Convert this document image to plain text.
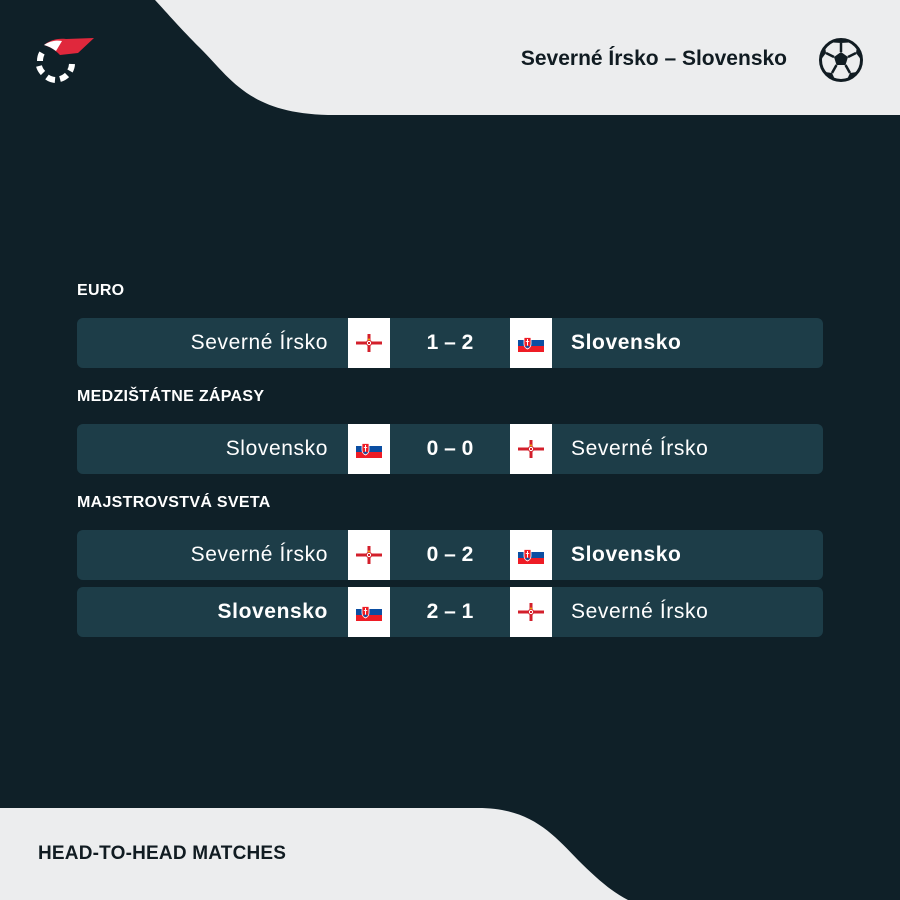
Severné Írsko – Slovensko
EURO
Severné Írsko	1 – 2	Slovensko
MEDZIŠTÁTNE ZÁPASY
Slovensko	0 – 0	Severné Írsko
MAJSTROVSTVÁ SVETA
Severné Írsko	0 – 2	Slovensko
Slovensko	2 – 1	Severné Írsko
HEAD-TO-HEAD MATCHES
